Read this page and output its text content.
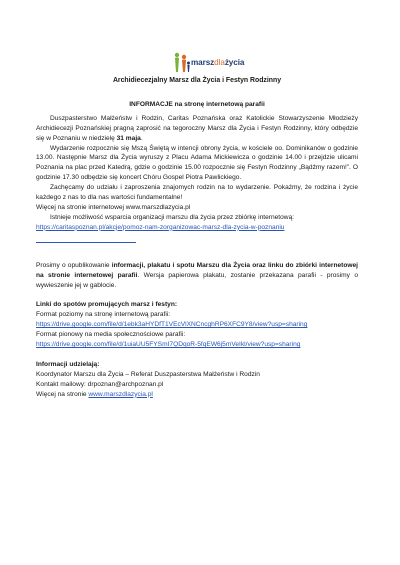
marszdlażycia
Archidiecezjalny Marsz dla Życia i Festyn Rodzinny
INFORMACJE na stronę internetową parafii

Duszpasterstwo Małżeństw i Rodzin, Caritas Poznańska oraz Katolickie Stowarzyszenie Młodzieży Archidiecezji Poznańskiej pragną zaprosić na tegoroczny Marsz dla Życia i Festyn Rodzinny, który odbędzie się w Poznaniu w niedzielę 31 maja.

Wydarzenie rozpocznie się Mszą Świętą w intencji obrony życia, w kościele oo. Dominikanów o godzinie 13.00. Następnie Marsz dla Życia wyruszy z Placu Adama Mickiewicza o godzinie 14.00 i przejdzie ulicami Poznania na plac przed Katedrą, gdzie o godzinie 15.00 rozpocznie się Festyn Rodzinny „Bądźmy razem!”. O godzinie 17.30 odbędzie się koncert Chóru Gospel Piotra Pawlickiego.

Zachęcamy do udziału i zaproszenia znajomych rodzin na to wydarzenie. Pokażmy, że rodzina i życie każdego z nas to dla nas wartości fundamentalne!

Więcej na stronie internetowej www.marszdlazycia.pl

Istnieje możliwość wsparcia organizacji marszu dla życia przez zbiórkę internetową:

https://caritaspoznan.pl/akcje/pomoz-nam-zorganizowac-marsz-dla-zycia-w-poznaniu

Prosimy o opublikowanie informacji, plakatu i spotu Marszu dla Życia oraz linku do zbiórki internetowej na stronie internetowej parafii. Wersja papierowa plakatu, zostanie przekazana parafii - prosimy o wywieszenie jej w gablocie.

Linki do spotów promujących marsz i festyn:

Format poziomy na stronę internetową parafii:

https://drive.google.com/file/d/1ebk3aHYDfT1VEcVlXNCncghRP6XFC9Y8/view?usp=sharing

Format pionowy na media społecznościowe parafii:

https://drive.google.com/file/d/1uiaUU5FYSmI7QDqoR-5fqEW6j5mVeIkl/view?usp=sharing

Informacji udzielają:

Koordynator Marszu dla Życia – Referat Duszpasterstwa Małżeństw i Rodzin

Kontakt mailowy: drpoznan@archpoznan.pl

Więcej na stronie www.marszdlazycia.pl
